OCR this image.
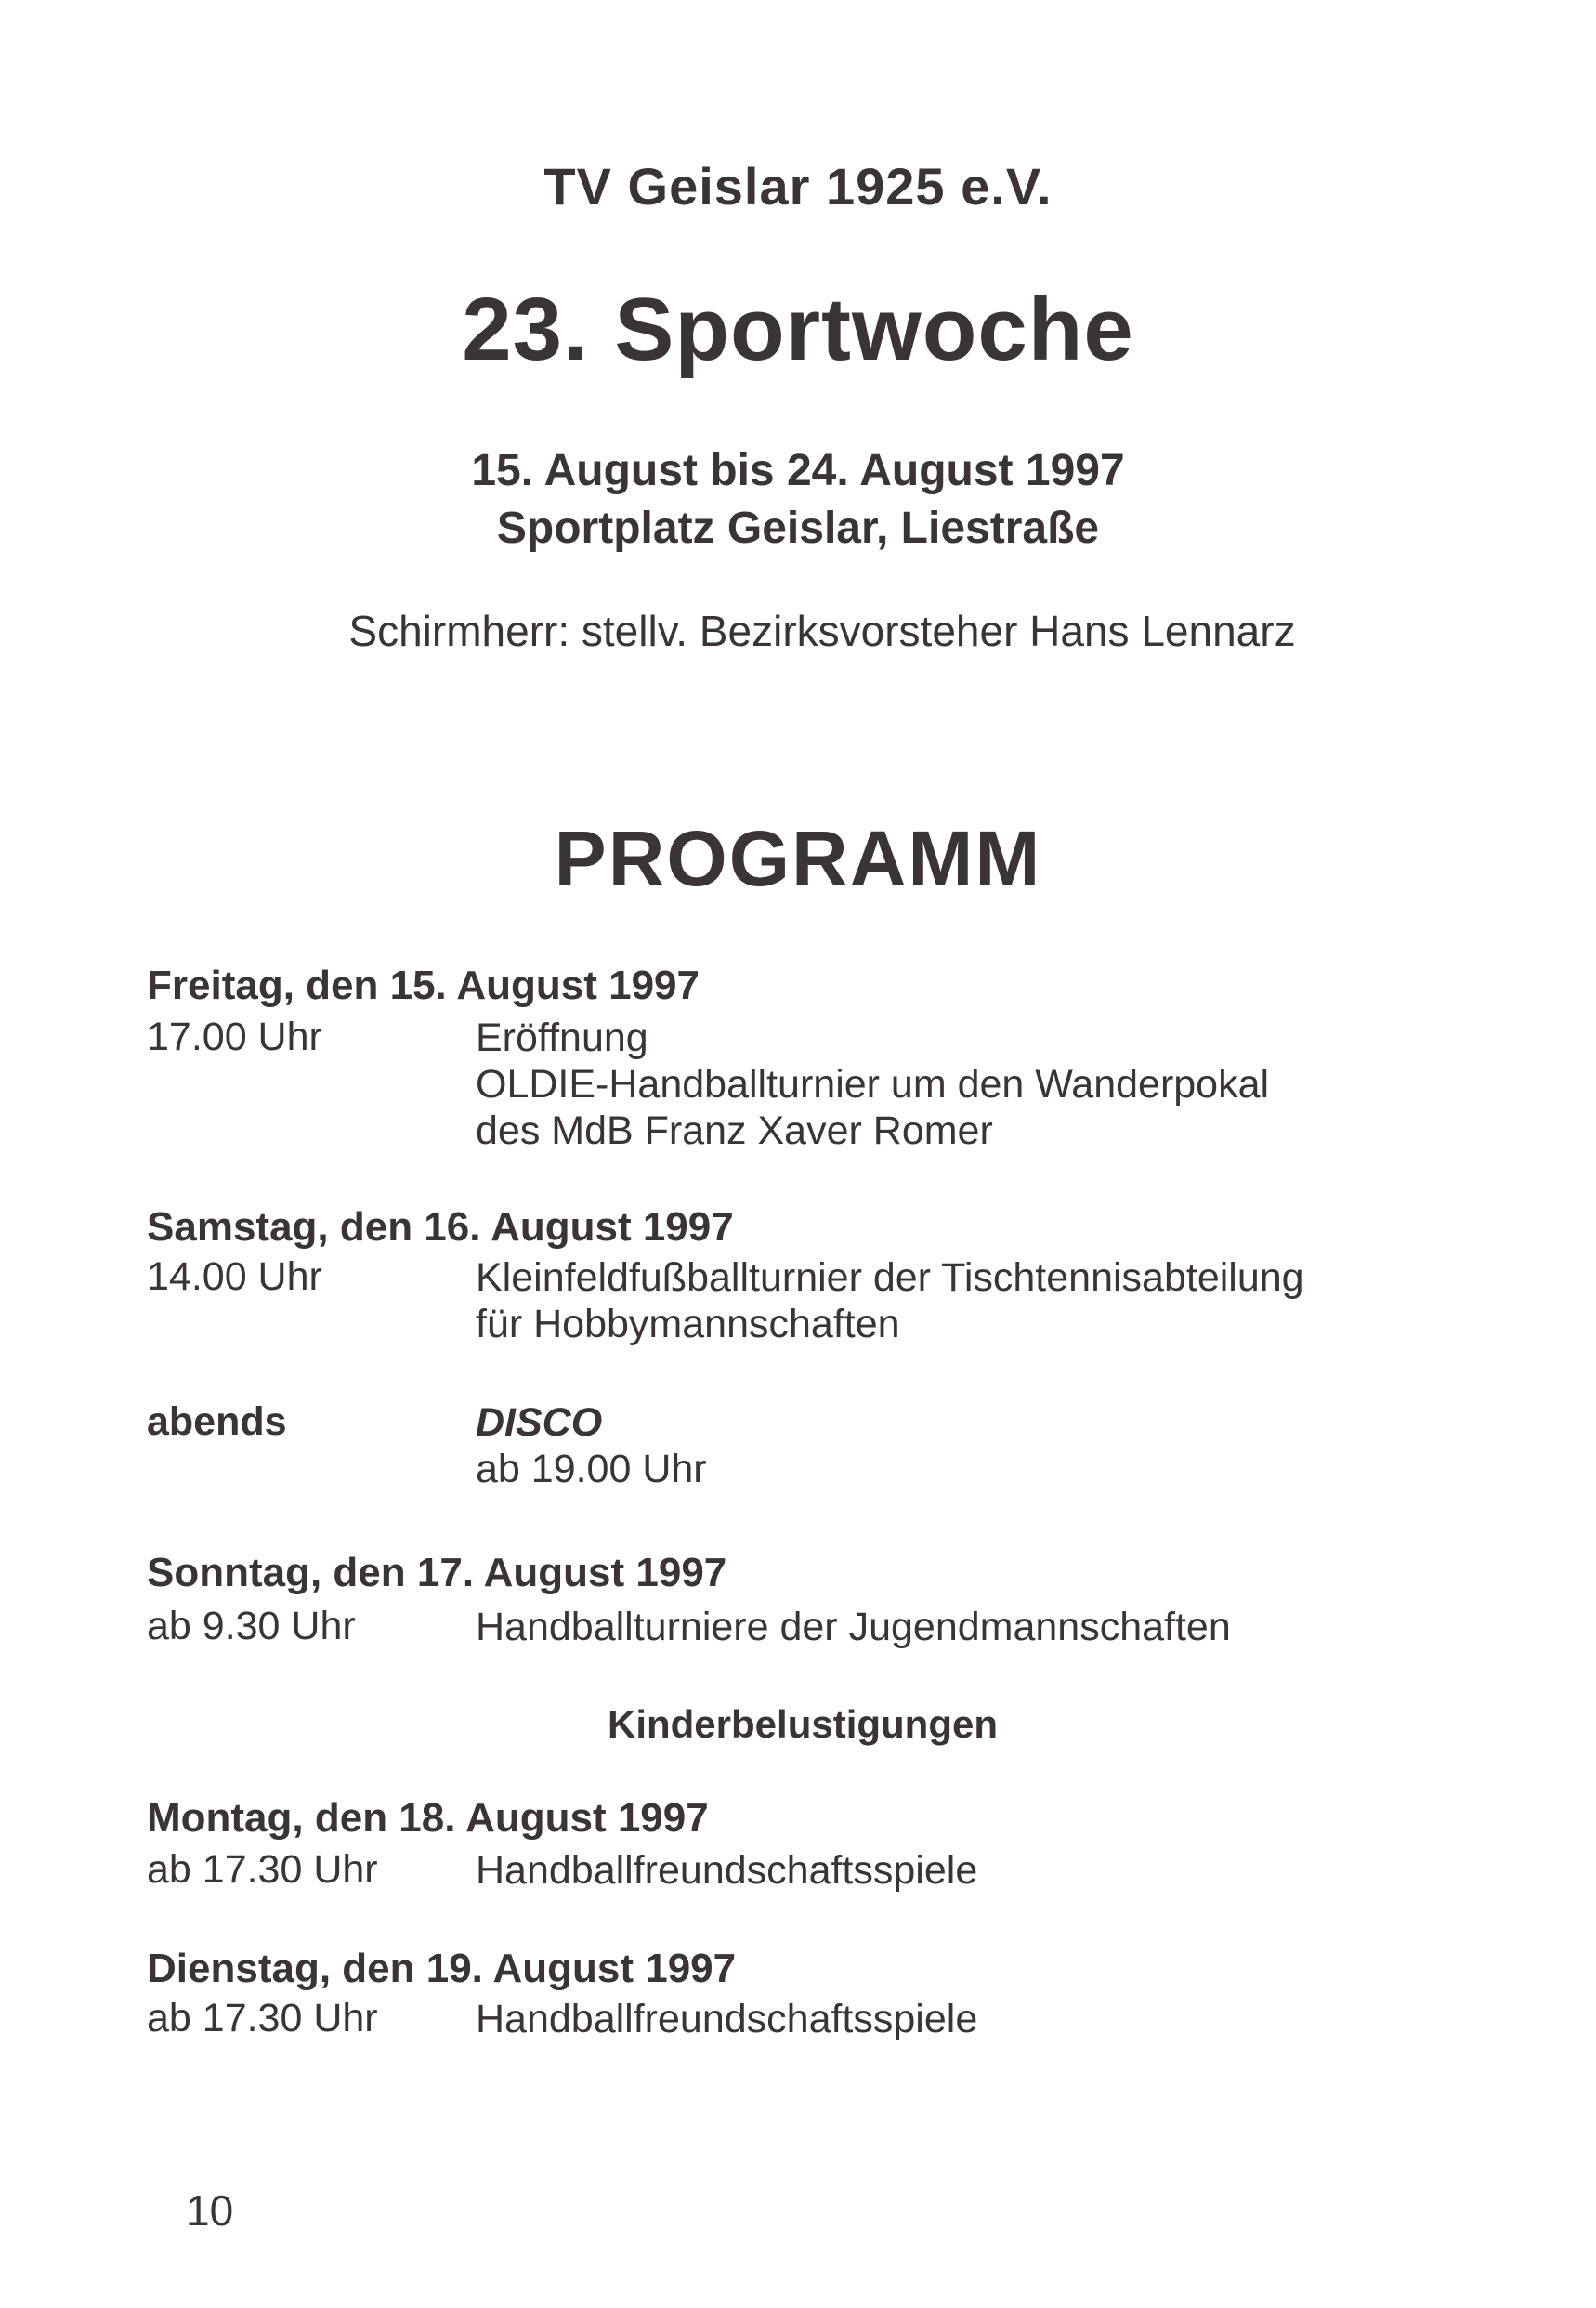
TV Geislar 1925 e.V.
23. Sportwoche
15. August bis 24. August 1997
Sportplatz Geislar, Liestraße
Schirmherr: stellv. Bezirksvorsteher Hans Lennarz
PROGRAMM
Freitag, den 15. August 1997
17.00 Uhr	Eröffnung
OLDIE-Handballturnier um den Wanderpokal
des MdB Franz Xaver Romer
Samstag, den 16. August 1997
14.00 Uhr	Kleinfeldfußballturnier der Tischtennisabteilung
für Hobbymannschaften
abends	DISCO
ab 19.00 Uhr
Sonntag, den 17. August 1997
ab 9.30 Uhr	Handballturniere der Jugendmannschaften
Kinderbelustigungen
Montag, den 18. August 1997
ab 17.30 Uhr Handballfreundschaftsspiele
Dienstag, den 19. August 1997
ab 17.30 Uhr Handballfreundschaftsspiele
10
